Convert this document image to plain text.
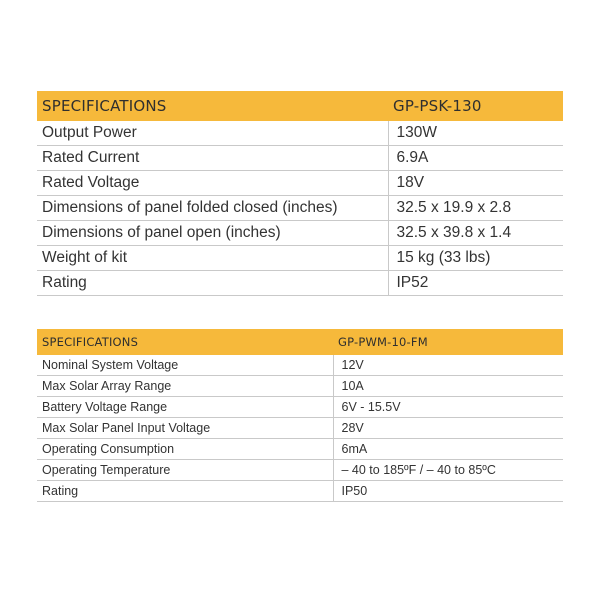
SPECIFICATIONS	GP-PSK-130
Output Power	130W
Rated Current	6.9A
Rated Voltage	18V
Dimensions of panel folded closed (inches)	32.5 x 19.9 x 2.8
Dimensions of panel open (inches)	32.5 x 39.8 x 1.4
Weight of kit	15 kg (33 lbs)
Rating	IP52
SPECIFICATIONS	GP-PWM-10-FM
Nominal System Voltage	12V
Max Solar Array Range	10A
Battery Voltage Range	6V - 15.5V
Max Solar Panel Input Voltage	28V
Operating Consumption	6mA
Operating Temperature	– 40 to 185ºF / – 40 to 85ºC
Rating	IP50
